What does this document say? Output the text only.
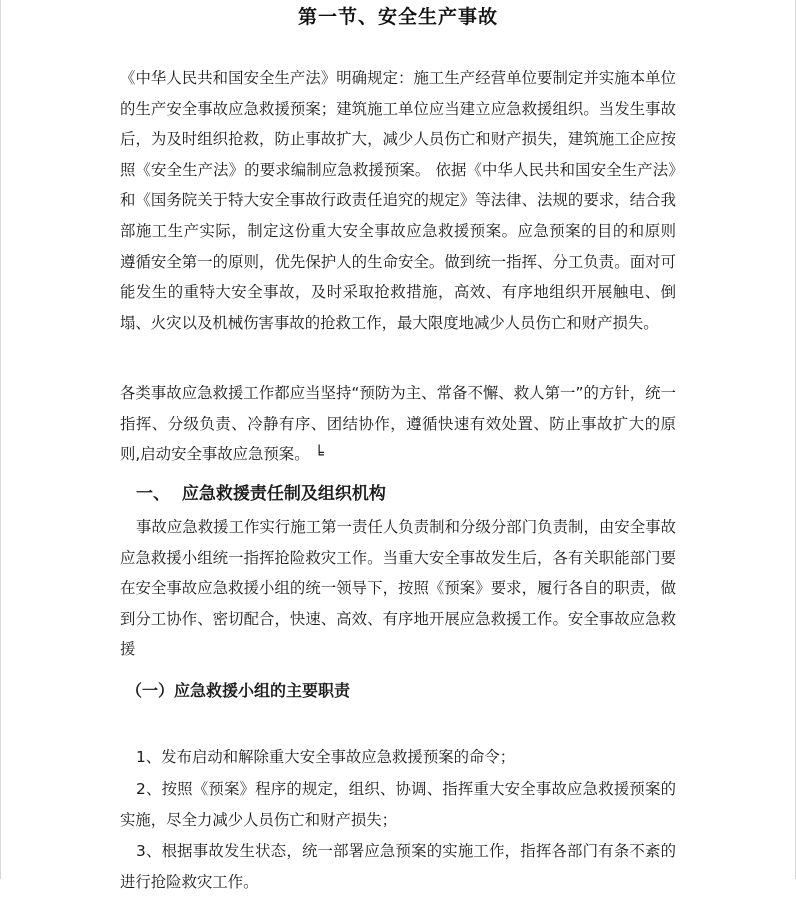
第一节、安全生产事故
《中华人民共和国安全生产法》明确规定：施工生产经营单位要制定并实施本单位的生产安全事故应急救援预案；建筑施工单位应当建立应急救援组织。当发生事故后，为及时组织抢救，防止事故扩大，减少人员伤亡和财产损失，建筑施工企应按照《安全生产法》的要求编制应急救援预案。 依据《中华人民共和国安全生产法》和《国务院关于特大安全事故行政责任追究的规定》等法律、法规的要求，结合我部施工生产实际，制定这份重大安全事故应急救援预案。应急预案的目的和原则 遵循安全第一的原则，优先保护人的生命安全。做到统一指挥、分工负责。面对可能发生的重特大安全事故，及时采取抢救措施，高效、有序地组织开展触电、倒塌、火灾以及机械伤害事故的抢救工作，最大限度地减少人员伤亡和财产损失。
各类事故应急救援工作都应当坚持“预防为主、常备不懈、救人第一”的方针，统一指挥、分级负责、冷静有序、团结协作，遵循快速有效处置、防止事故扩大的原则,启动安全事故应急预案。 ╘
一、  应急救援责任制及组织机构
事故应急救援工作实行施工第一责任人负责制和分级分部门负责制，由安全事故应急救援小组统一指挥抢险救灾工作。当重大安全事故发生后，各有关职能部门要在安全事故应急救援小组的统一领导下，按照《预案》要求，履行各自的职责，做到分工协作、密切配合，快速、高效、有序地开展应急救援工作。安全事故应急救援
（一）应急救援小组的主要职责
1、发布启动和解除重大安全事故应急救援预案的命令；
2、按照《预案》程序的规定，组织、协调、指挥重大安全事故应急救援预案的实施，尽全力减少人员伤亡和财产损失；
3、根据事故发生状态，统一部署应急预案的实施工作，指挥各部门有条不紊的进行抢险救灾工作。
